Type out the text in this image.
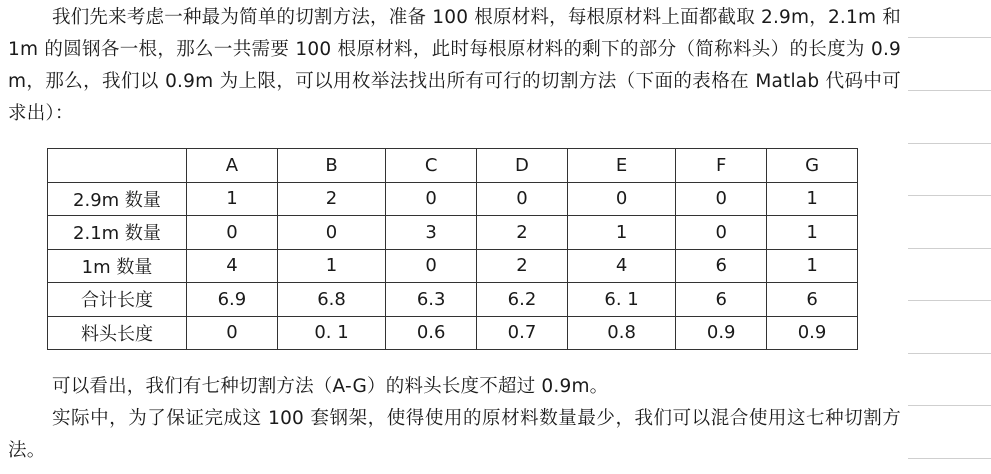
我们先来考虑一种最为简单的切割方法，准备 100 根原材料，每根原材料上面都截取 2.9m，2.1m 和 1m 的圆钢各一根，那么一共需要 100 根原材料，此时每根原材料的剩下的部分（简称料头）的长度为 0.9m，那么，我们以 0.9m 为上限，可以用枚举法找出所有可行的切割方法（下面的表格在 Matlab 代码中可求出）：

	A	B	C	D	E	F	G
2.9m 数量	1	2	0	0	0	0	1
2.1m 数量	0	0	3	2	1	0	1
1m 数量	4	1	0	2	4	6	1
合计长度	6.9	6.8	6.3	6.2	6. 1	6	6
料头长度	0	0. 1	0.6	0.7	0.8	0.9	0.9

可以看出，我们有七种切割方法（A-G）的料头长度不超过 0.9m。

实际中，为了保证完成这 100 套钢架，使得使用的原材料数量最少，我们可以混合使用这七种切割方法。
